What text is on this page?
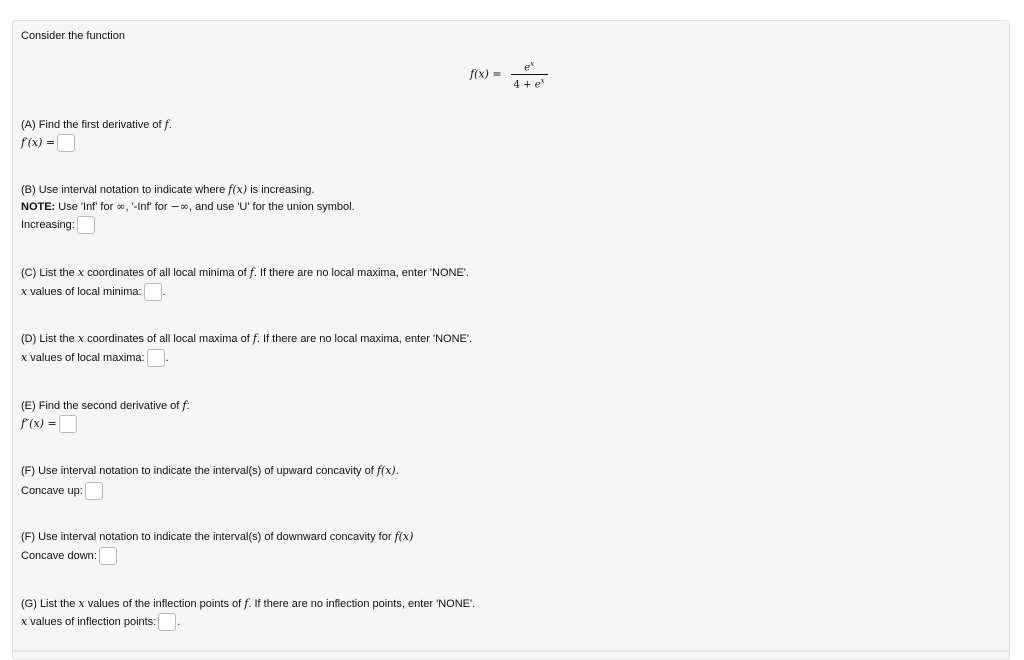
Consider the function
$f(x) = \frac{e^x}{4 + e^x}$
(A) Find the first derivative of f.
f′(x) =
(B) Use interval notation to indicate where f(x) is increasing.
NOTE: Use 'Inf' for ∞, '-Inf' for −∞, and use 'U' for the union symbol.
Increasing:
(C) List the x coordinates of all local minima of f. If there are no local maxima, enter 'NONE'.
x values of local minima: .
(D) List the x coordinates of all local maxima of f. If there are no local maxima, enter 'NONE'.
x values of local maxima: .
(E) Find the second derivative of f:
f″(x) =
(F) Use interval notation to indicate the interval(s) of upward concavity of f(x).
Concave up:
(F) Use interval notation to indicate the interval(s) of downward concavity for f(x)
Concave down:
(G) List the x values of the inflection points of f. If there are no inflection points, enter 'NONE'.
x values of inflection points: .
